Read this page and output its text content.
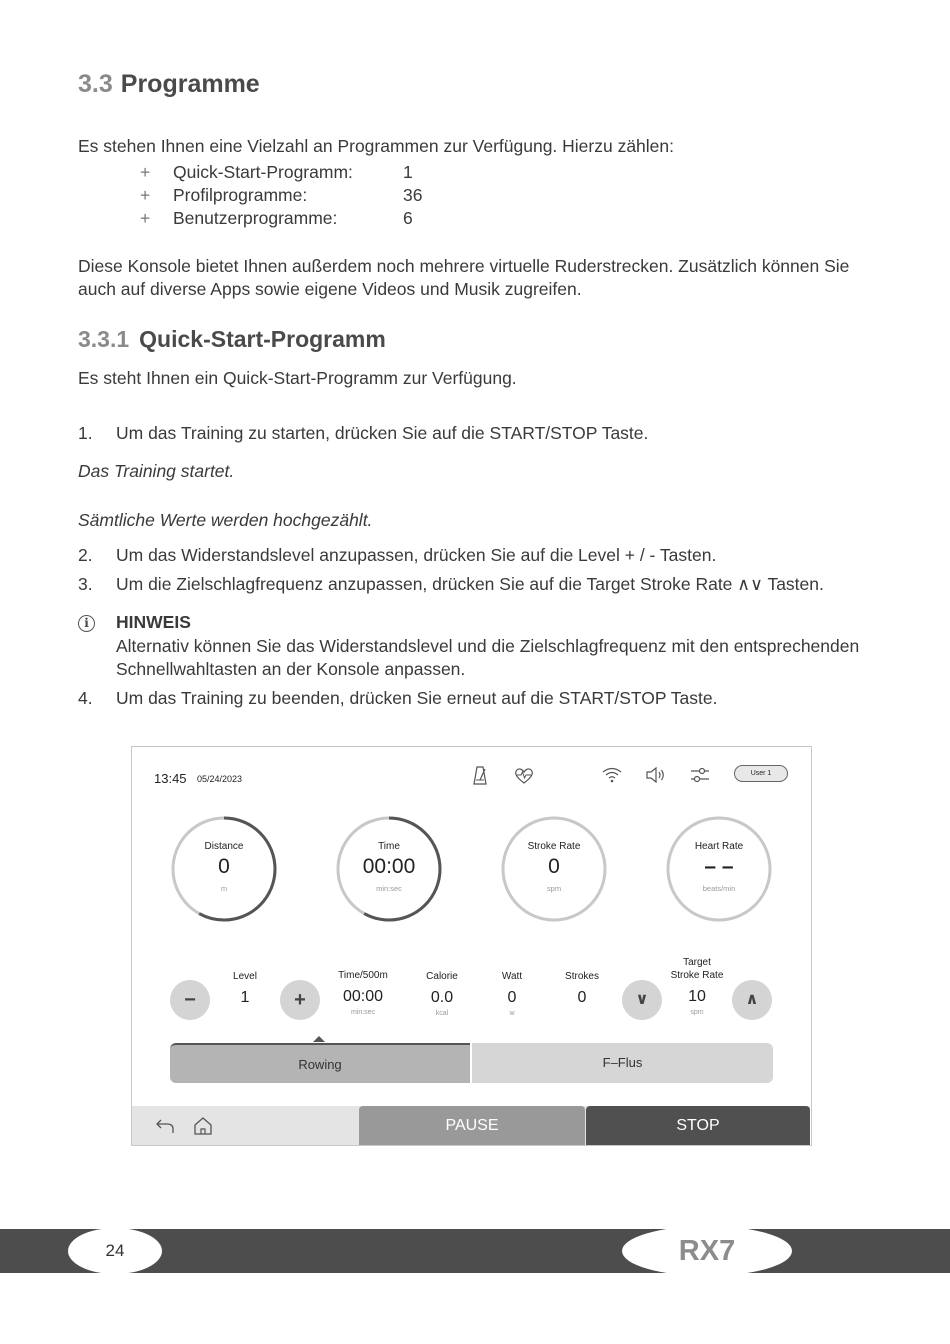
3.3 Programme
Es stehen Ihnen eine Vielzahl an Programmen zur Verfügung. Hierzu zählen:
+	Quick-Start-Programm:	1
+	Profilprogramme:	36
+	Benutzerprogramme:	6
Diese Konsole bietet Ihnen außerdem noch mehrere virtuelle Ruderstrecken. Zusätzlich können Sie auch auf diverse Apps sowie eigene Videos und Musik zugreifen.
3.3.1 Quick-Start-Programm
Es steht Ihnen ein Quick-Start-Programm zur Verfügung.
1. Um das Training zu starten, drücken Sie auf die START/STOP Taste.
Das Training startet.
Sämtliche Werte werden hochgezählt.
2. Um das Widerstandslevel anzupassen, drücken Sie auf die Level + / - Tasten.
3. Um die Zielschlagfrequenz anzupassen, drücken Sie auf die Target Stroke Rate ∧∨ Tasten.
i	HINWEIS
Alternativ können Sie das Widerstandslevel und die Zielschlagfrequenz mit den entsprechenden Schnellwahltasten an der Konsole anpassen.
4. Um das Training zu beenden, drücken Sie erneut auf die START/STOP Taste.
13:45 05/24/2023
User 1
Distance
0
m
Time
00:00
min:sec
Stroke Rate
0
spm
Heart Rate
– –
beats/min
−
Level
1	+
Time/500m
00:00
min:sec
Calorie
0.0
kcal
Watt
0
w
Strokes
0	∨
Target
Stroke Rate
10
spm
∧
Rowing	F–Flus
PAUSE	STOP
24	RX7
